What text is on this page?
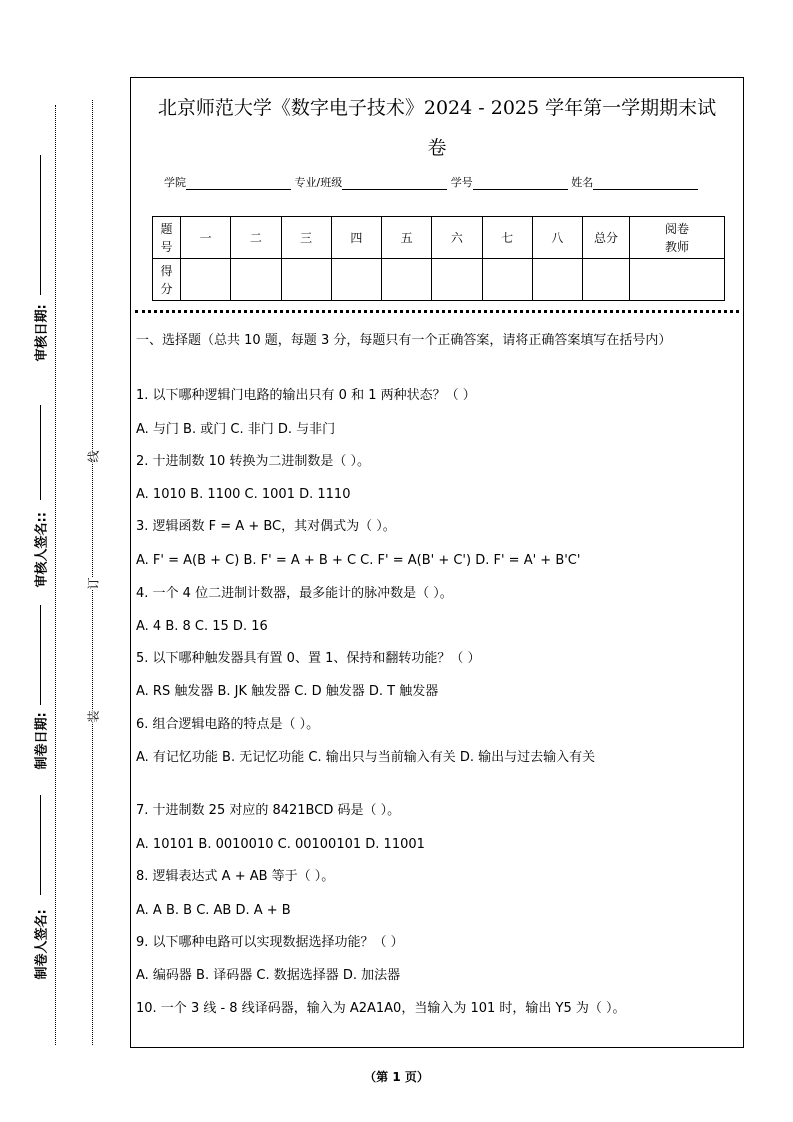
审核日期:
审核人签名::
制卷日期:
制卷人签名:
线
订
装
北京师范大学《数字电子技术》2024 - 2025 学年第一学期期末试
卷
学院	专业/班级	学号	姓名
题
号	一	二	三	四	五	六	七	八	总分	阅卷
教师
得
分										
一、选择题（总共 10 题，每题 3 分，每题只有一个正确答案，请将正确答案填写在括号内）
1. 以下哪种逻辑门电路的输出只有 0 和 1 两种状态？（ ）
A. 与门 B. 或门 C. 非门 D. 与非门
2. 十进制数 10 转换为二进制数是（ ）。
A. 1010 B. 1100 C. 1001 D. 1110
3. 逻辑函数 F = A + BC，其对偶式为（ ）。
A. F' = A(B + C) B. F' = A + B + C C. F' = A(B' + C') D. F' = A' + B'C'
4. 一个 4 位二进制计数器，最多能计的脉冲数是（ ）。
A. 4 B. 8 C. 15 D. 16
5. 以下哪种触发器具有置 0、置 1、保持和翻转功能？（ ）
A. RS 触发器 B. JK 触发器 C. D 触发器 D. T 触发器
6. 组合逻辑电路的特点是（ ）。
A. 有记忆功能 B. 无记忆功能 C. 输出只与当前输入有关 D. 输出与过去输入有关
7. 十进制数 25 对应的 8421BCD 码是（ ）。
A. 10101 B. 0010010 C. 00100101 D. 11001
8. 逻辑表达式 A + AB 等于（ ）。
A. A B. B C. AB D. A + B
9. 以下哪种电路可以实现数据选择功能？（ ）
A. 编码器 B. 译码器 C. 数据选择器 D. 加法器
10. 一个 3 线 - 8 线译码器，输入为 A2A1A0，当输入为 101 时，输出 Y5 为（ ）。
（第 1 页）
